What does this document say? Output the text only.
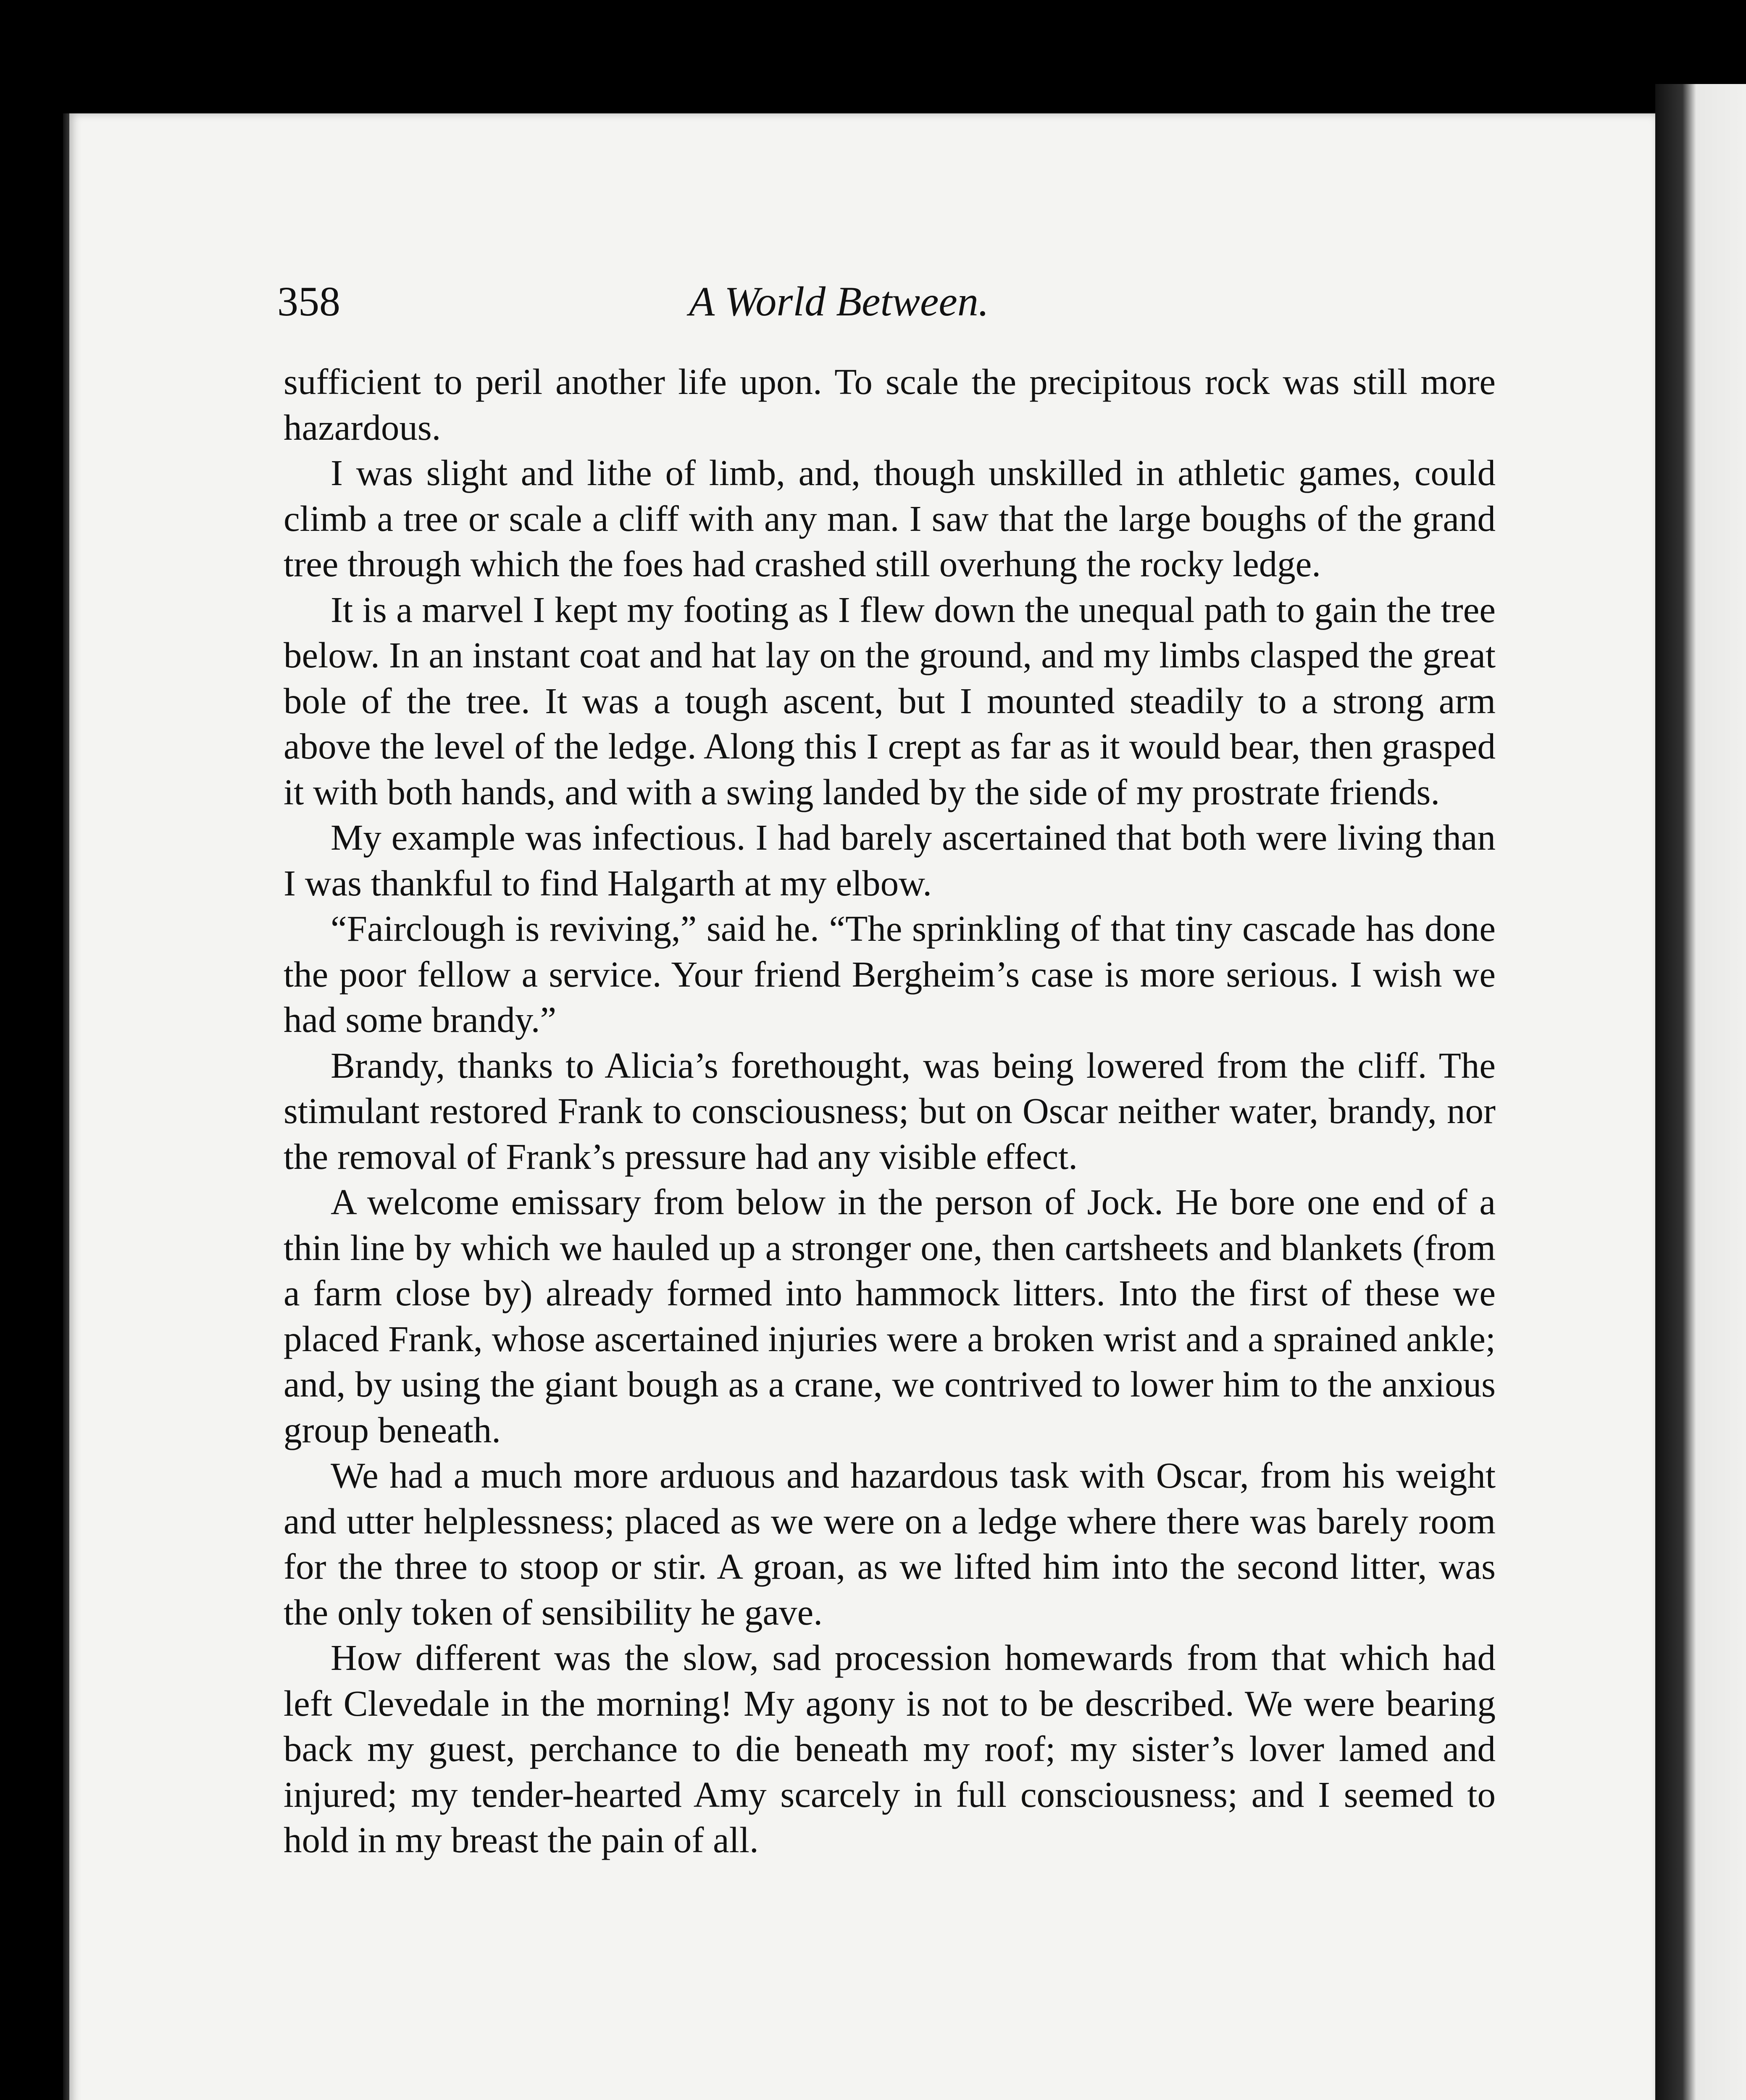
358	A World Between.

sufficient to peril another life upon. To scale the precipitous rock was still more hazardous.

I was slight and lithe of limb, and, though unskilled in athletic games, could climb a tree or scale a cliff with any man. I saw that the large boughs of the grand tree through which the foes had crashed still overhung the rocky ledge.

It is a marvel I kept my footing as I flew down the unequal path to gain the tree below. In an instant coat and hat lay on the ground, and my limbs clasped the great bole of the tree. It was a tough ascent, but I mounted steadily to a strong arm above the level of the ledge. Along this I crept as far as it would bear, then grasped it with both hands, and with a swing landed by the side of my prostrate friends.

My example was infectious. I had barely ascertained that both were living than I was thankful to find Halgarth at my elbow.

“Fairclough is reviving,” said he. “The sprinkling of that tiny cascade has done the poor fellow a service. Your friend Bergheim’s case is more serious. I wish we had some brandy.”

Brandy, thanks to Alicia’s forethought, was being lowered from the cliff. The stimulant restored Frank to consciousness; but on Oscar neither water, brandy, nor the removal of Frank’s pressure had any visible effect.

A welcome emissary from below in the person of Jock. He bore one end of a thin line by which we hauled up a stronger one, then cartsheets and blankets (from a farm close by) already formed into hammock litters. Into the first of these we placed Frank, whose ascertained injuries were a broken wrist and a sprained ankle; and, by using the giant bough as a crane, we contrived to lower him to the anxious group beneath.

We had a much more arduous and hazardous task with Oscar, from his weight and utter helplessness; placed as we were on a ledge where there was barely room for the three to stoop or stir. A groan, as we lifted him into the second litter, was the only token of sensibility he gave.

How different was the slow, sad procession homewards from that which had left Clevedale in the morning! My agony is not to be described. We were bearing back my guest, perchance to die beneath my roof; my sister’s lover lamed and injured; my tender-hearted Amy scarcely in full consciousness; and I seemed to hold in my breast the pain of all.
